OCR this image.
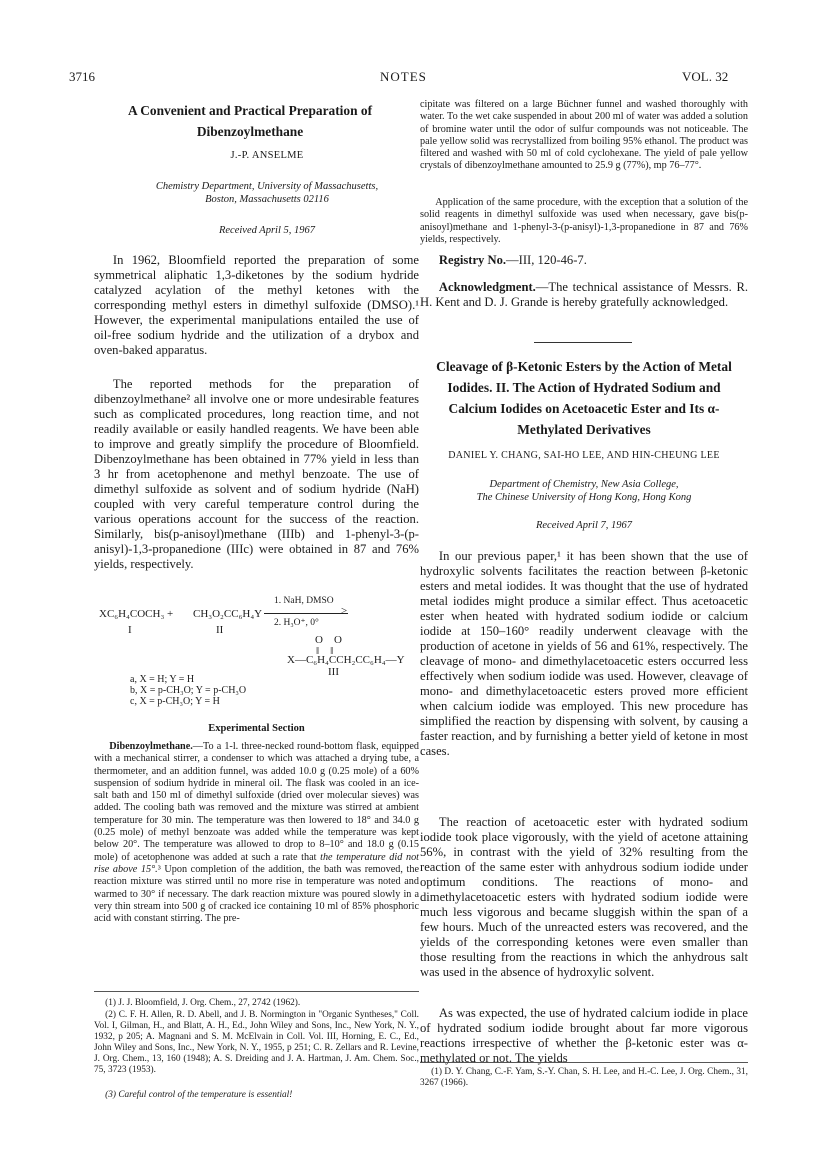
3716	NOTES	VOL. 32
A Convenient and Practical Preparation of Dibenzoylmethane
J.-P. ANSELME
Chemistry Department, University of Massachusetts,
Boston, Massachusetts 02116
Received April 5, 1967

In 1962, Bloomfield reported the preparation of some symmetrical aliphatic 1,3-diketones by the sodium hydride catalyzed acylation of the methyl ketones with the corresponding methyl esters in dimethyl sulfoxide (DMSO).¹ However, the experimental manipulations entailed the use of oil-free sodium hydride and the utilization of a drybox and oven-baked apparatus.

The reported methods for the preparation of dibenzoylmethane² all involve one or more undesirable features such as complicated procedures, long reaction time, and not readily available or easily handled reagents. We have been able to improve and greatly simplify the procedure of Bloomfield. Dibenzoylmethane has been obtained in 77% yield in less than 3 hr from acetophenone and methyl benzoate. The use of dimethyl sulfoxide as solvent and of sodium hydride (NaH) coupled with very careful temperature control during the various operations account for the success of the reaction. Similarly, bis(p-anisoyl)methane (IIIb) and 1-phenyl-3-(p-anisyl)-1,3-propanedione (IIIc) were obtained in 87 and 76% yields, respectively.

XC₆H₄COCH₃ + CH₃O₂CC₆H₄Y
I	II
1. NaH, DMSO
>
2. H₃O⁺, 0°
O    O
‖    ‖
X—C₆H₄CCH₂CC₆H₄—Y
III
a, X = H; Y = H
b, X = p-CH₃O; Y = p-CH₃O
c, X = p-CH₃O; Y = H
Experimental Section

Dibenzoylmethane.—To a 1-l. three-necked round-bottom flask, equipped with a mechanical stirrer, a condenser to which was attached a drying tube, a thermometer, and an addition funnel, was added 10.0 g (0.25 mole) of a 60% suspension of sodium hydride in mineral oil. The flask was cooled in an ice-salt bath and 150 ml of dimethyl sulfoxide (dried over molecular sieves) was added. The cooling bath was removed and the mixture was stirred at ambient temperature for 30 min. The temperature was then lowered to 18° and 34.0 g (0.25 mole) of methyl benzoate was added while the temperature was kept below 20°. The temperature was allowed to drop to 8–10° and 18.0 g (0.15 mole) of acetophenone was added at such a rate that the temperature did not rise above 15°.³ Upon completion of the addition, the bath was removed, the reaction mixture was stirred until no more rise in temperature was noted and warmed to 30° if necessary. The dark reaction mixture was poured slowly in a very thin stream into 500 g of cracked ice containing 10 ml of 85% phosphoric acid with constant stirring. The pre-

(1) J. J. Bloomfield, J. Org. Chem., 27, 2742 (1962).

(2) C. F. H. Allen, R. D. Abell, and J. B. Normington in "Organic Syntheses," Coll. Vol. I, Gilman, H., and Blatt, A. H., Ed., John Wiley and Sons, Inc., New York, N. Y., 1932, p 205; A. Magnani and S. M. McElvain in Coll. Vol. III, Horning, E. C., Ed., John Wiley and Sons, Inc., New York, N. Y., 1955, p 251; C. R. Zellars and R. Levine, J. Org. Chem., 13, 160 (1948); A. S. Dreiding and J. A. Hartman, J. Am. Chem. Soc., 75, 3723 (1953).

(3) Careful control of the temperature is essential!

cipitate was filtered on a large Büchner funnel and washed thoroughly with water. To the wet cake suspended in about 200 ml of water was added a solution of bromine water until the odor of sulfur compounds was not noticeable. The pale yellow solid was recrystallized from boiling 95% ethanol. The product was filtered and washed with 50 ml of cold cyclohexane. The yield of pale yellow crystals of dibenzoylmethane amounted to 25.9 g (77%), mp 76–77°.

Application of the same procedure, with the exception that a solution of the solid reagents in dimethyl sulfoxide was used when necessary, gave bis(p-anisoyl)methane and 1-phenyl-3-(p-anisyl)-1,3-propanedione in 87 and 76% yields, respectively.

Registry No.—III, 120-46-7.

Acknowledgment.—The technical assistance of Messrs. R. H. Kent and D. J. Grande is hereby gratefully acknowledged.

Cleavage of β-Ketonic Esters by the Action of Metal Iodides. II. The Action of Hydrated Sodium and Calcium Iodides on Acetoacetic Ester and Its α-Methylated Derivatives
DANIEL Y. CHANG, SAI-HO LEE, AND HIN-CHEUNG LEE
Department of Chemistry, New Asia College,
The Chinese University of Hong Kong, Hong Kong
Received April 7, 1967

In our previous paper,¹ it has been shown that the use of hydroxylic solvents facilitates the reaction between β-ketonic esters and metal iodides. It was thought that the use of hydrated metal iodides might produce a similar effect. Thus acetoacetic ester when heated with hydrated sodium iodide or calcium iodide at 150–160° readily underwent cleavage with the production of acetone in yields of 56 and 61%, respectively. The cleavage of mono- and dimethylacetoacetic esters occurred less effectively when sodium iodide was used. However, cleavage of mono- and dimethylacetoacetic esters proved more efficient when calcium iodide was employed. This new procedure has simplified the reaction by dispensing with solvent, by causing a faster reaction, and by furnishing a better yield of ketone in most cases.

The reaction of acetoacetic ester with hydrated sodium iodide took place vigorously, with the yield of acetone attaining 56%, in contrast with the yield of 32% resulting from the reaction of the same ester with anhydrous sodium iodide under optimum conditions. The reactions of mono- and dimethylacetoacetic esters with hydrated sodium iodide were much less vigorous and became sluggish within the span of a few hours. Much of the unreacted esters was recovered, and the yields of the corresponding ketones were even smaller than those resulting from the reactions in which the anhydrous salt was used in the absence of hydroxylic solvent.

As was expected, the use of hydrated calcium iodide in place of hydrated sodium iodide brought about far more vigorous reactions irrespective of whether the β-ketonic ester was α-methylated or not. The yields

(1) D. Y. Chang, C.-F. Yam, S.-Y. Chan, S. H. Lee, and H.-C. Lee, J. Org. Chem., 31, 3267 (1966).
